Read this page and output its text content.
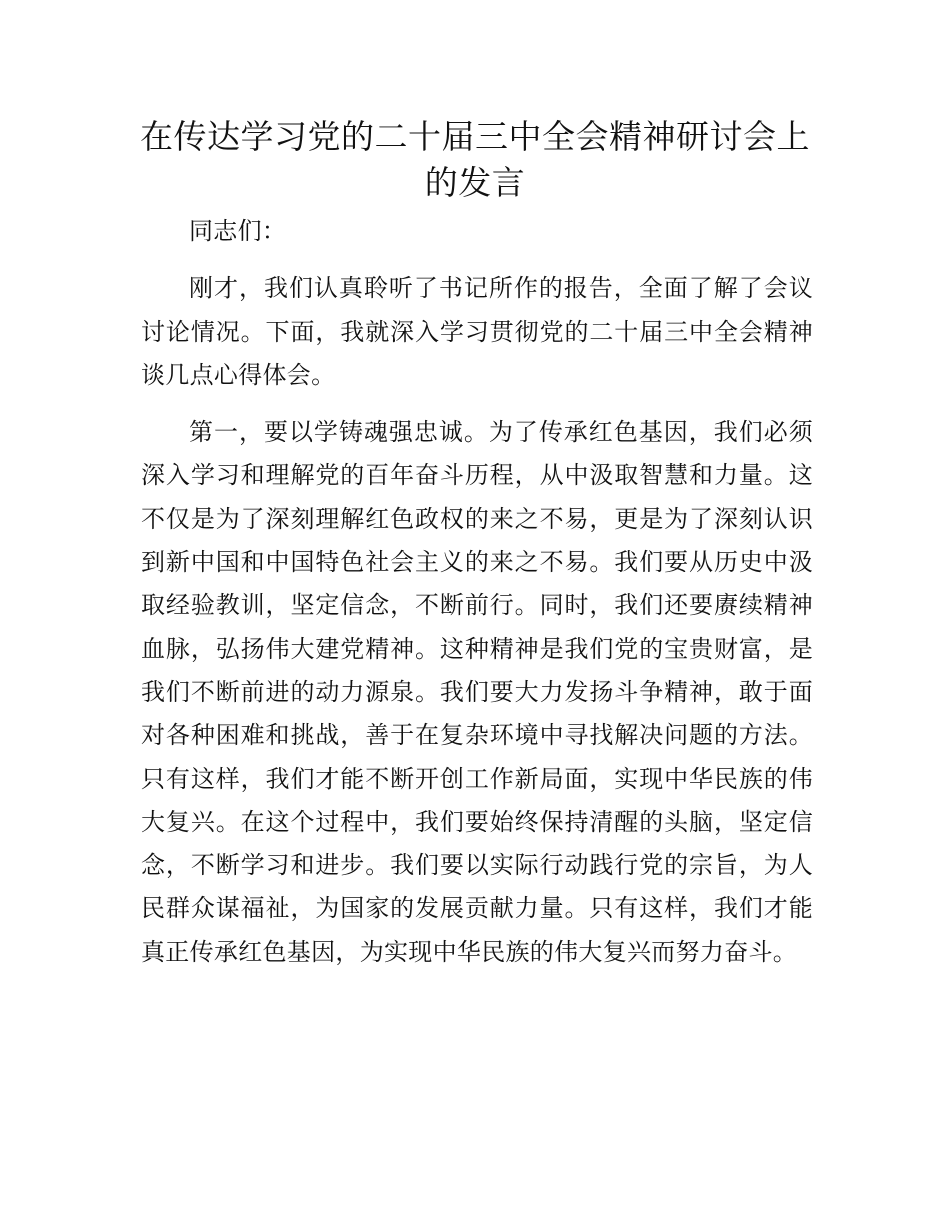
在传达学习党的二十届三中全会精神研讨会上的发言

同志们：

刚才，我们认真聆听了书记所作的报告，全面了解了会议讨论情况。下面，我就深入学习贯彻党的二十届三中全会精神谈几点心得体会。

第一，要以学铸魂强忠诚。为了传承红色基因，我们必须深入学习和理解党的百年奋斗历程，从中汲取智慧和力量。这不仅是为了深刻理解红色政权的来之不易，更是为了深刻认识到新中国和中国特色社会主义的来之不易。我们要从历史中汲取经验教训，坚定信念，不断前行。同时，我们还要赓续精神血脉，弘扬伟大建党精神。这种精神是我们党的宝贵财富，是我们不断前进的动力源泉。我们要大力发扬斗争精神，敢于面对各种困难和挑战，善于在复杂环境中寻找解决问题的方法。只有这样，我们才能不断开创工作新局面，实现中华民族的伟大复兴。在这个过程中，我们要始终保持清醒的头脑，坚定信念，不断学习和进步。我们要以实际行动践行党的宗旨，为人民群众谋福祉，为国家的发展贡献力量。只有这样，我们才能真正传承红色基因，为实现中华民族的伟大复兴而努力奋斗。
